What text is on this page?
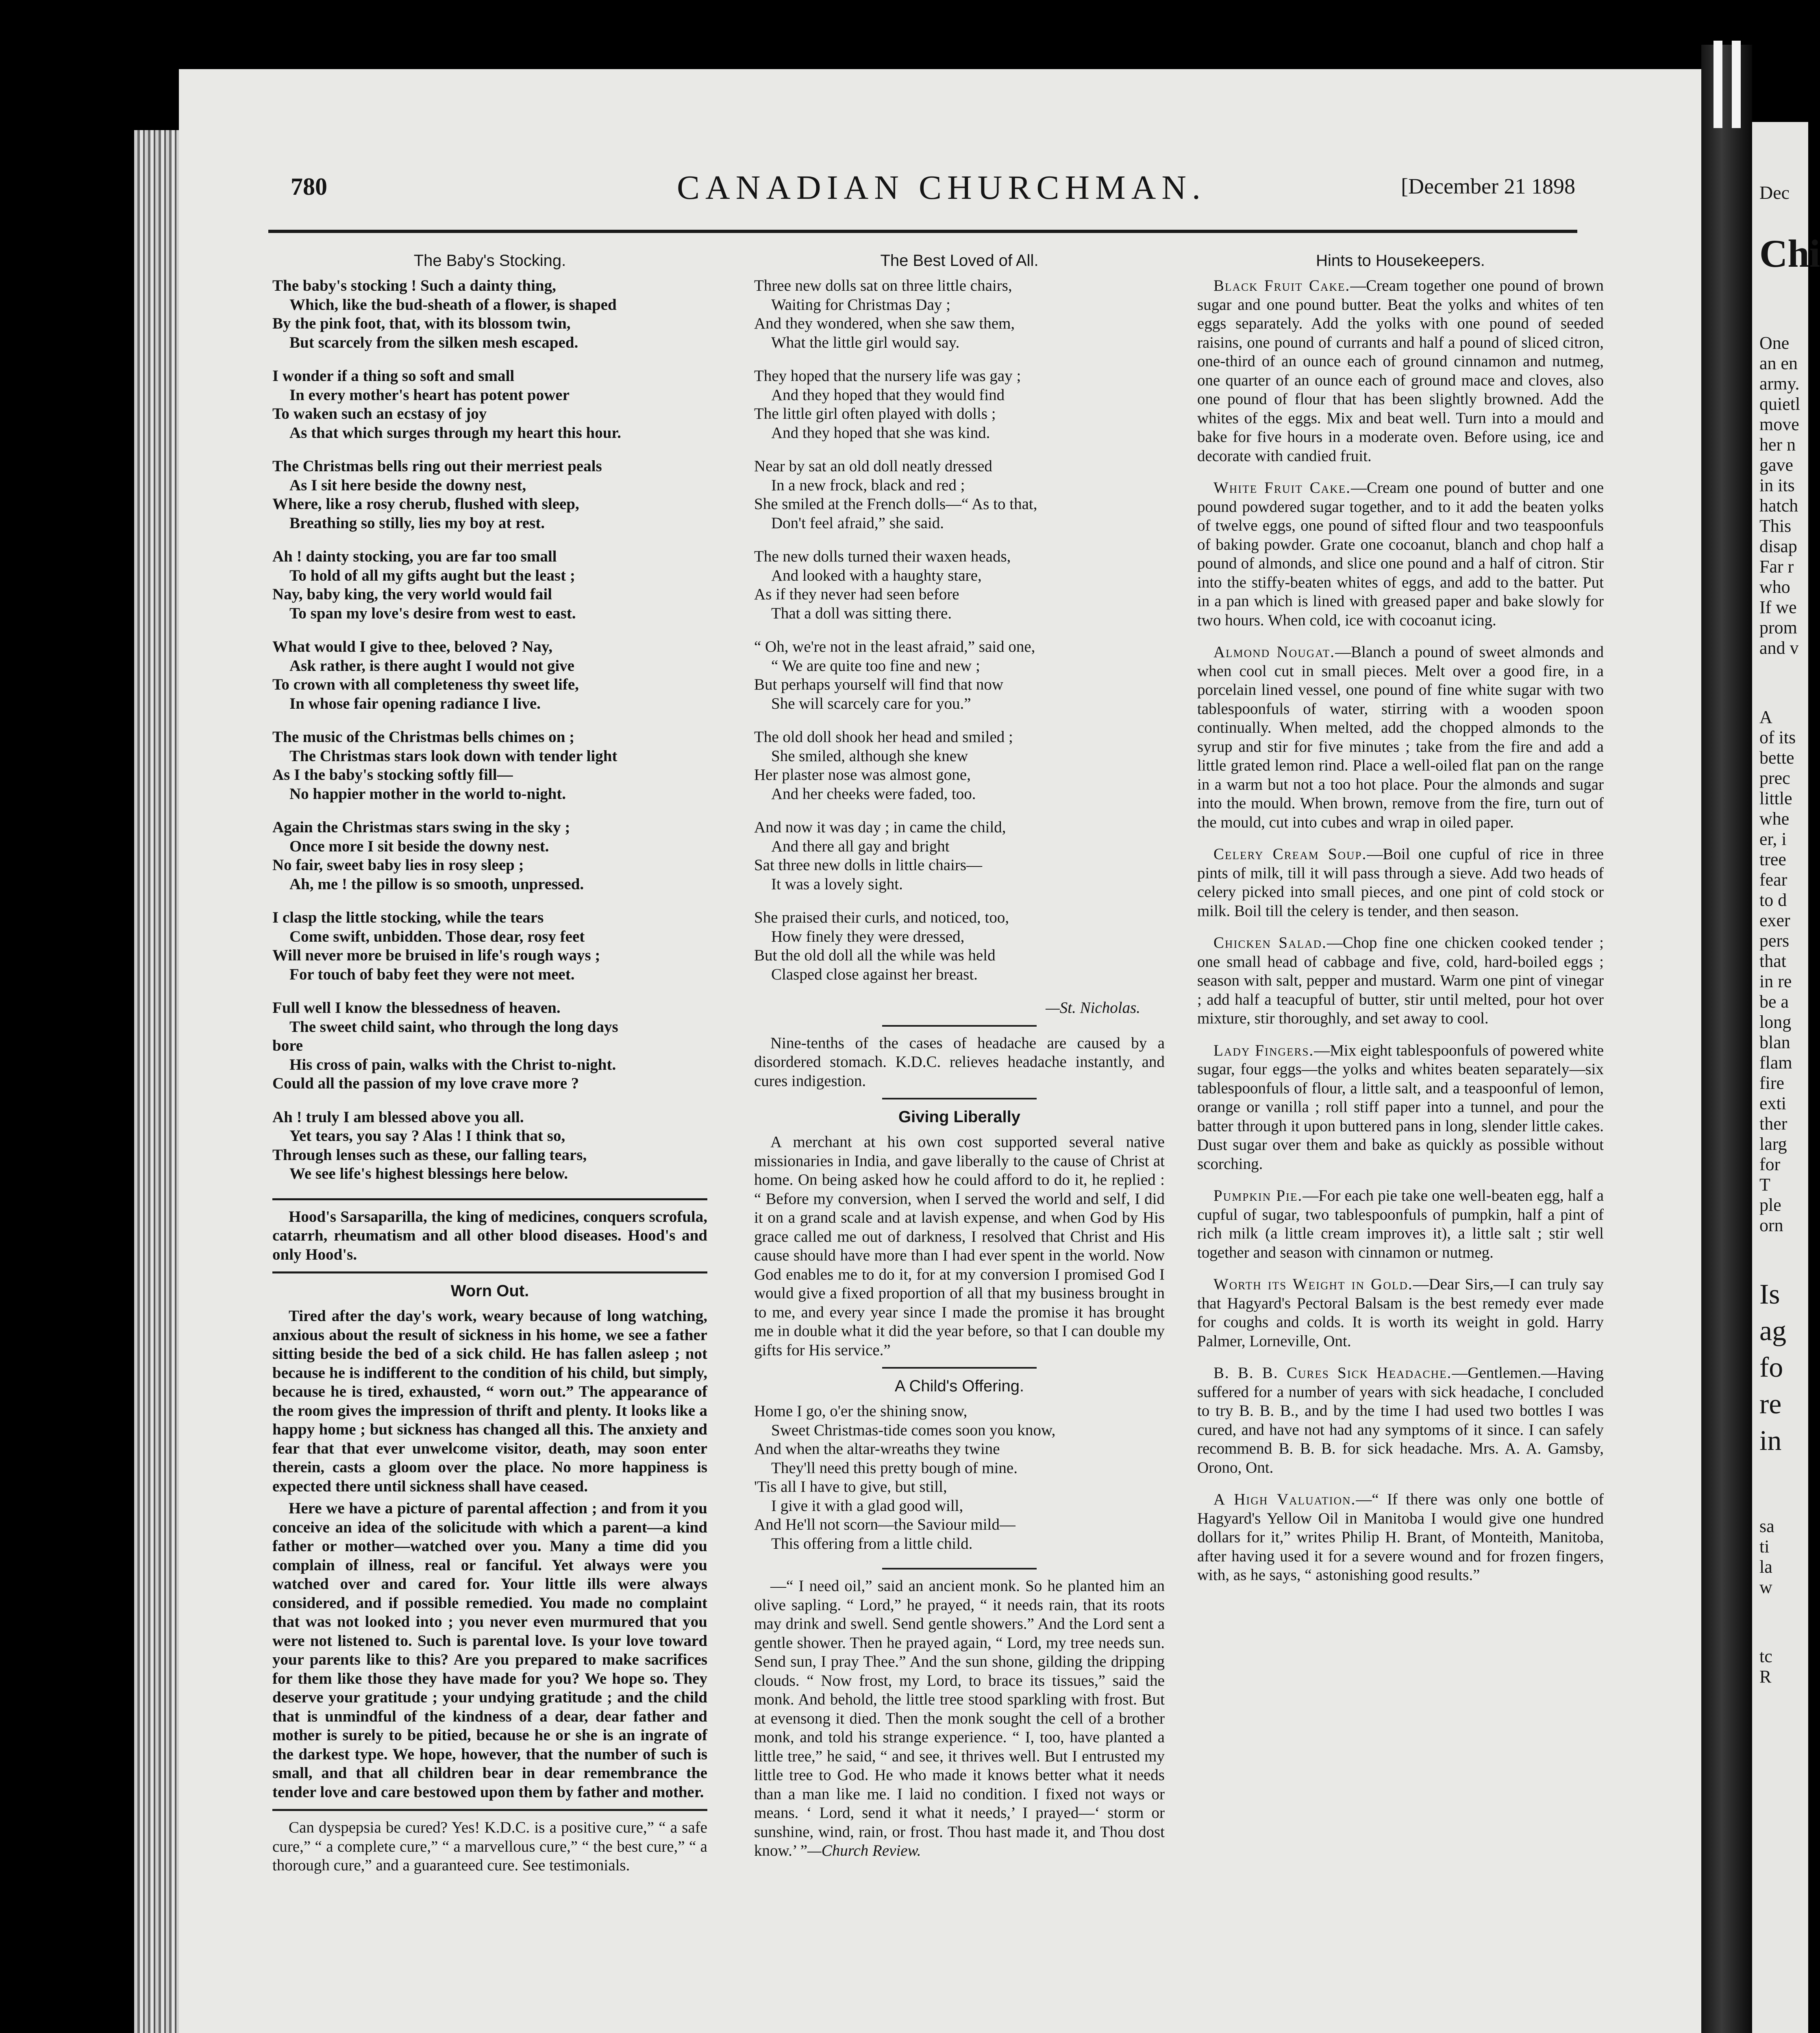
Dec
Chi
One
an en
army.
quietl
move
her n
gave
in its
hatch
This
disap
Far r
who
If we
prom
and v
A
of its
bette
prec
little
whe
er, i
tree
fear
to d
exer
pers
that
in re
be a
long
blan
flam
fire
exti
ther
larg
for
T
ple
orn
Is
ag
fo
re
in
sa
ti
la
w
tc
R
780	CANADIAN CHURCHMAN.	[December 21 1898
The Baby's Stocking.
The baby's stocking ! Such a dainty thing,
Which, like the bud-sheath of a flower, is shaped
By the pink foot, that, with its blossom twin,
But scarcely from the silken mesh escaped.
I wonder if a thing so soft and small
In every mother's heart has potent power
To waken such an ecstasy of joy
As that which surges through my heart this hour.
The Christmas bells ring out their merriest peals
As I sit here beside the downy nest,
Where, like a rosy cherub, flushed with sleep,
Breathing so stilly, lies my boy at rest.
Ah ! dainty stocking, you are far too small
To hold of all my gifts aught but the least ;
Nay, baby king, the very world would fail
To span my love's desire from west to east.
What would I give to thee, beloved ? Nay,
Ask rather, is there aught I would not give
To crown with all completeness thy sweet life,
In whose fair opening radiance I live.
The music of the Christmas bells chimes on ;
The Christmas stars look down with tender light
As I the baby's stocking softly fill—
No happier mother in the world to-night.
Again the Christmas stars swing in the sky ;
Once more I sit beside the downy nest.
No fair, sweet baby lies in rosy sleep ;
Ah, me ! the pillow is so smooth, unpressed.
I clasp the little stocking, while the tears
Come swift, unbidden. Those dear, rosy feet
Will never more be bruised in life's rough ways ;
For touch of baby feet they were not meet.
Full well I know the blessedness of heaven.
The sweet child saint, who through the long days
bore
His cross of pain, walks with the Christ to-night.
Could all the passion of my love crave more ?
Ah ! truly I am blessed above you all.
Yet tears, you say ? Alas ! I think that so,
Through lenses such as these, our falling tears,
We see life's highest blessings here below.

Hood's Sarsaparilla, the king of medicines, conquers scrofula, catarrh, rheumatism and all other blood diseases. Hood's and only Hood's.

Worn Out.

Tired after the day's work, weary because of long watching, anxious about the result of sickness in his home, we see a father sitting beside the bed of a sick child. He has fallen asleep ; not because he is indifferent to the condition of his child, but simply, because he is tired, exhausted, “ worn out.” The appearance of the room gives the impression of thrift and plenty. It looks like a happy home ; but sickness has changed all this. The anxiety and fear that that ever unwelcome visitor, death, may soon enter therein, casts a gloom over the place. No more happiness is expected there until sickness shall have ceased.

Here we have a picture of parental affection ; and from it you conceive an idea of the solicitude with which a parent—a kind father or mother—watched over you. Many a time did you complain of illness, real or fanciful. Yet always were you watched over and cared for. Your little ills were always considered, and if possible remedied. You made no complaint that was not looked into ; you never even murmured that you were not listened to. Such is parental love. Is your love toward your parents like to this? Are you prepared to make sacrifices for them like those they have made for you? We hope so. They deserve your gratitude ; your undying gratitude ; and the child that is unmindful of the kindness of a dear, dear father and mother is surely to be pitied, because he or she is an ingrate of the darkest type. We hope, however, that the number of such is small, and that all children bear in dear remembrance the tender love and care bestowed upon them by father and mother.

Can dyspepsia be cured? Yes! K.D.C. is a positive cure,” “ a safe cure,” “ a complete cure,” “ a marvellous cure,” “ the best cure,” “ a thorough cure,” and a guaranteed cure. See testimonials.

The Best Loved of All.
Three new dolls sat on three little chairs,
Waiting for Christmas Day ;
And they wondered, when she saw them,
What the little girl would say.
They hoped that the nursery life was gay ;
And they hoped that they would find
The little girl often played with dolls ;
And they hoped that she was kind.
Near by sat an old doll neatly dressed
In a new frock, black and red ;
She smiled at the French dolls—“ As to that,
Don't feel afraid,” she said.
The new dolls turned their waxen heads,
And looked with a haughty stare,
As if they never had seen before
That a doll was sitting there.
“ Oh, we're not in the least afraid,” said one,
“ We are quite too fine and new ;
But perhaps yourself will find that now
She will scarcely care for you.”
The old doll shook her head and smiled ;
She smiled, although she knew
Her plaster nose was almost gone,
And her cheeks were faded, too.
And now it was day ; in came the child,
And there all gay and bright
Sat three new dolls in little chairs—
It was a lovely sight.
She praised their curls, and noticed, too,
How finely they were dressed,
But the old doll all the while was held
Clasped close against her breast.
—St. Nicholas.

Nine-tenths of the cases of headache are caused by a disordered stomach. K.D.C. relieves headache instantly, and cures indigestion.

Giving Liberally

A merchant at his own cost supported several native missionaries in India, and gave liberally to the cause of Christ at home. On being asked how he could afford to do it, he replied : “ Before my conversion, when I served the world and self, I did it on a grand scale and at lavish expense, and when God by His grace called me out of darkness, I resolved that Christ and His cause should have more than I had ever spent in the world. Now God enables me to do it, for at my conversion I promised God I would give a fixed proportion of all that my business brought in to me, and every year since I made the promise it has brought me in double what it did the year before, so that I can double my gifts for His service.”

A Child's Offering.
Home I go, o'er the shining snow,
Sweet Christmas-tide comes soon you know,
And when the altar-wreaths they twine
They'll need this pretty bough of mine.
'Tis all I have to give, but still,
I give it with a glad good will,
And He'll not scorn—the Saviour mild—
This offering from a little child.

—“ I need oil,” said an ancient monk. So he planted him an olive sapling. “ Lord,” he prayed, “ it needs rain, that its roots may drink and swell. Send gentle showers.” And the Lord sent a gentle shower. Then he prayed again, “ Lord, my tree needs sun. Send sun, I pray Thee.” And the sun shone, gilding the dripping clouds. “ Now frost, my Lord, to brace its tissues,” said the monk. And behold, the little tree stood sparkling with frost. But at evensong it died. Then the monk sought the cell of a brother monk, and told his strange experience. “ I, too, have planted a little tree,” he said, “ and see, it thrives well. But I entrusted my little tree to God. He who made it knows better what it needs than a man like me. I laid no condition. I fixed not ways or means. ‘ Lord, send it what it needs,’ I prayed—‘ storm or sunshine, wind, rain, or frost. Thou hast made it, and Thou dost know.’ ”—Church Review.

Hints to Housekeepers.

Black Fruit Cake.—Cream together one pound of brown sugar and one pound butter. Beat the yolks and whites of ten eggs separately. Add the yolks with one pound of seeded raisins, one pound of currants and half a pound of sliced citron, one-third of an ounce each of ground cinnamon and nutmeg, one quarter of an ounce each of ground mace and cloves, also one pound of flour that has been slightly browned. Add the whites of the eggs. Mix and beat well. Turn into a mould and bake for five hours in a moderate oven. Before using, ice and decorate with candied fruit.

White Fruit Cake.—Cream one pound of butter and one pound powdered sugar together, and to it add the beaten yolks of twelve eggs, one pound of sifted flour and two teaspoonfuls of baking powder. Grate one cocoanut, blanch and chop half a pound of almonds, and slice one pound and a half of citron. Stir into the stiffy-beaten whites of eggs, and add to the batter. Put in a pan which is lined with greased paper and bake slowly for two hours. When cold, ice with cocoanut icing.

Almond Nougat.—Blanch a pound of sweet almonds and when cool cut in small pieces. Melt over a good fire, in a porcelain lined vessel, one pound of fine white sugar with two tablespoonfuls of water, stirring with a wooden spoon continually. When melted, add the chopped almonds to the syrup and stir for five minutes ; take from the fire and add a little grated lemon rind. Place a well-oiled flat pan on the range in a warm but not a too hot place. Pour the almonds and sugar into the mould. When brown, remove from the fire, turn out of the mould, cut into cubes and wrap in oiled paper.

Celery Cream Soup.—Boil one cupful of rice in three pints of milk, till it will pass through a sieve. Add two heads of celery picked into small pieces, and one pint of cold stock or milk. Boil till the celery is tender, and then season.

Chicken Salad.—Chop fine one chicken cooked tender ; one small head of cabbage and five, cold, hard-boiled eggs ; season with salt, pepper and mustard. Warm one pint of vinegar ; add half a teacupful of butter, stir until melted, pour hot over mixture, stir thoroughly, and set away to cool.

Lady Fingers.—Mix eight tablespoonfuls of powered white sugar, four eggs—the yolks and whites beaten separately—six tablespoonfuls of flour, a little salt, and a teaspoonful of lemon, orange or vanilla ; roll stiff paper into a tunnel, and pour the batter through it upon buttered pans in long, slender little cakes. Dust sugar over them and bake as quickly as possible without scorching.

Pumpkin Pie.—For each pie take one well-beaten egg, half a cupful of sugar, two tablespoonfuls of pumpkin, half a pint of rich milk (a little cream improves it), a little salt ; stir well together and season with cinnamon or nutmeg.

Worth its Weight in Gold.—Dear Sirs,—I can truly say that Hagyard's Pectoral Balsam is the best remedy ever made for coughs and colds. It is worth its weight in gold. Harry Palmer, Lorneville, Ont.

B. B. B. Cures Sick Headache.—Gentlemen.—Having suffered for a number of years with sick headache, I concluded to try B. B. B., and by the time I had used two bottles I was cured, and have not had any symptoms of it since. I can safely recommend B. B. B. for sick headache. Mrs. A. A. Gamsby, Orono, Ont.

A High Valuation.—“ If there was only one bottle of Hagyard's Yellow Oil in Manitoba I would give one hundred dollars for it,” writes Philip H. Brant, of Monteith, Manitoba, after having used it for a severe wound and for frozen fingers, with, as he says, “ astonishing good results.”
